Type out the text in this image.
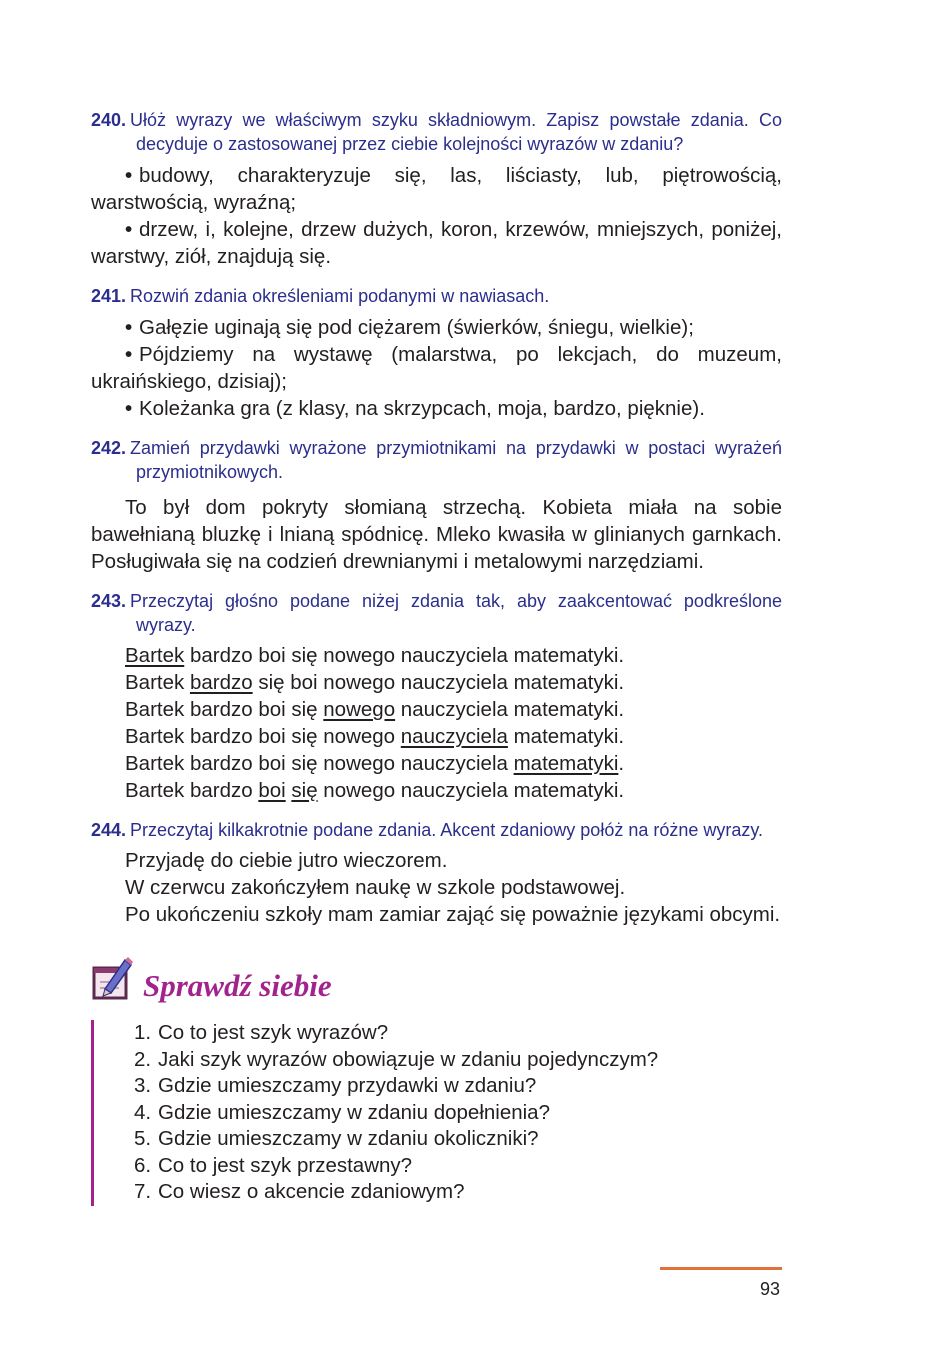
240. Ułóż wyrazy we właściwym szyku składniowym. Zapisz powstałe zdania. Co decyduje o zastosowanej przez ciebie kolejności wyrazów w zdaniu?

• budowy, charakteryzuje się, las, liściasty, lub, piętrowością, warstwością, wyraźną;

• drzew, i, kolejne, drzew dużych, koron, krzewów, mniejszych, poniżej, warstwy, ziół, znajdują się.

241. Rozwiń zdania określeniami podanymi w nawiasach.

• Gałęzie uginają się pod ciężarem (świerków, śniegu, wielkie);

• Pójdziemy na wystawę (malarstwa, po lekcjach, do muzeum, ukraińskiego, dzisiaj);

• Koleżanka gra (z klasy, na skrzypcach, moja, bardzo, pięknie).

242. Zamień przydawki wyrażone przymiotnikami na przydawki w postaci wyrażeń przymiotnikowych.

To był dom pokryty słomianą strzechą. Kobieta miała na sobie bawełnianą bluzkę i lnianą spódnicę. Mleko kwasiła w glinianych garnkach. Posługiwała się na codzień drewnianymi i metalowymi narzędziami.

243. Przeczytaj głośno podane niżej zdania tak, aby zaakcentować podkreślone wyrazy.
Bartek bardzo boi się nowego nauczyciela matematyki.
Bartek bardzo się boi nowego nauczyciela matematyki.
Bartek bardzo boi się nowego nauczyciela matematyki.
Bartek bardzo boi się nowego nauczyciela matematyki.
Bartek bardzo boi się nowego nauczyciela matematyki.
Bartek bardzo boi się nowego nauczyciela matematyki.
244. Przeczytaj kilkakrotnie podane zdania. Akcent zdaniowy połóż na różne wyrazy.
Przyjadę do ciebie jutro wieczorem.
W czerwcu zakończyłem naukę w szkole podstawowej.
Po ukończeniu szkoły mam zamiar zająć się poważnie językami obcymi.
Sprawdź siebie
1. Co to jest szyk wyrazów?
2. Jaki szyk wyrazów obowiązuje w zdaniu pojedynczym?
3. Gdzie umieszczamy przydawki w zdaniu?
4. Gdzie umieszczamy w zdaniu dopełnienia?
5. Gdzie umieszczamy w zdaniu okoliczniki?
6. Co to jest szyk przestawny?
7. Co wiesz o akcencie zdaniowym?
93
